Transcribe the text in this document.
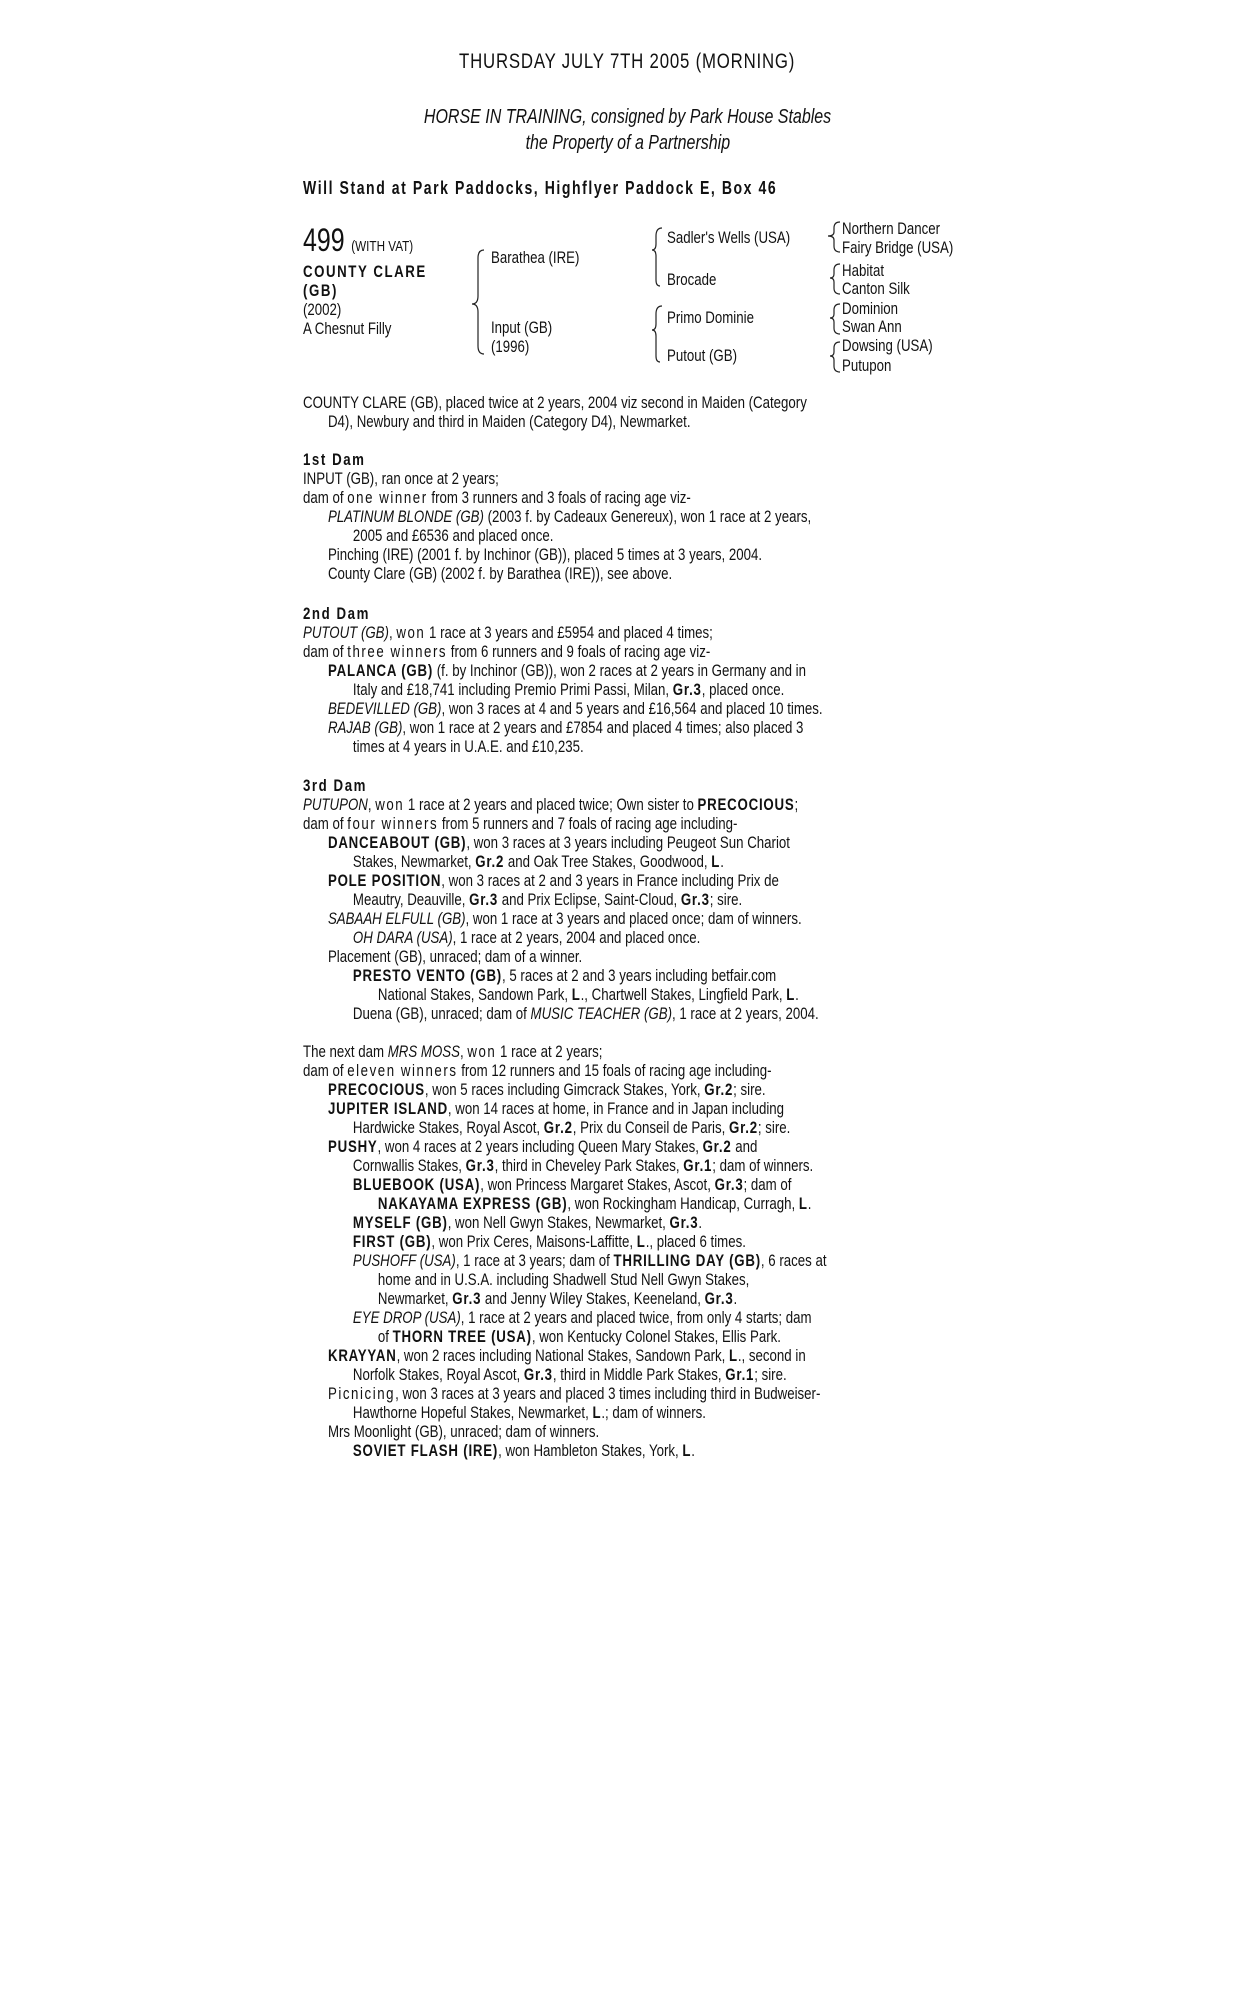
THURSDAY JULY 7TH 2005 (MORNING)
HORSE IN TRAINING, consigned by Park House Stables
the Property of a Partnership
Will Stand at Park Paddocks, Highflyer Paddock E, Box 46
499 (WITH VAT)
COUNTY CLARE
(GB)
(2002)
A Chesnut Filly
Barathea (IRE)
Input (GB)
(1996)
Sadler's Wells (USA)
Brocade
Primo Dominie
Putout (GB)
Northern Dancer
Fairy Bridge (USA)
Habitat
Canton Silk
Dominion
Swan Ann
Dowsing (USA)
Putupon

COUNTY CLARE (GB), placed twice at 2 years, 2004 viz second in Maiden (Category

D4), Newbury and third in Maiden (Category D4), Newmarket.

1st Dam

INPUT (GB), ran once at 2 years;

dam of one winner from 3 runners and 3 foals of racing age viz-

PLATINUM BLONDE (GB) (2003 f. by Cadeaux Genereux), won 1 race at 2 years,

2005 and £6536 and placed once.

Pinching (IRE) (2001 f. by Inchinor (GB)), placed 5 times at 3 years, 2004.

County Clare (GB) (2002 f. by Barathea (IRE)), see above.

2nd Dam

PUTOUT (GB), won 1 race at 3 years and £5954 and placed 4 times;

dam of three winners from 6 runners and 9 foals of racing age viz-

PALANCA (GB) (f. by Inchinor (GB)), won 2 races at 2 years in Germany and in

Italy and £18,741 including Premio Primi Passi, Milan, Gr.3, placed once.

BEDEVILLED (GB), won 3 races at 4 and 5 years and £16,564 and placed 10 times.

RAJAB (GB), won 1 race at 2 years and £7854 and placed 4 times; also placed 3

times at 4 years in U.A.E. and £10,235.

3rd Dam

PUTUPON, won 1 race at 2 years and placed twice; Own sister to PRECOCIOUS;

dam of four winners from 5 runners and 7 foals of racing age including-

DANCEABOUT (GB), won 3 races at 3 years including Peugeot Sun Chariot

Stakes, Newmarket, Gr.2 and Oak Tree Stakes, Goodwood, L.

POLE POSITION, won 3 races at 2 and 3 years in France including Prix de

Meautry, Deauville, Gr.3 and Prix Eclipse, Saint-Cloud, Gr.3; sire.

SABAAH ELFULL (GB), won 1 race at 3 years and placed once; dam of winners.

OH DARA (USA), 1 race at 2 years, 2004 and placed once.

Placement (GB), unraced; dam of a winner.

PRESTO VENTO (GB), 5 races at 2 and 3 years including betfair.com

National Stakes, Sandown Park, L., Chartwell Stakes, Lingfield Park, L.

Duena (GB), unraced; dam of MUSIC TEACHER (GB), 1 race at 2 years, 2004.

The next dam MRS MOSS, won 1 race at 2 years;

dam of eleven winners from 12 runners and 15 foals of racing age including-

PRECOCIOUS, won 5 races including Gimcrack Stakes, York, Gr.2; sire.

JUPITER ISLAND, won 14 races at home, in France and in Japan including

Hardwicke Stakes, Royal Ascot, Gr.2, Prix du Conseil de Paris, Gr.2; sire.

PUSHY, won 4 races at 2 years including Queen Mary Stakes, Gr.2 and

Cornwallis Stakes, Gr.3, third in Cheveley Park Stakes, Gr.1; dam of winners.

BLUEBOOK (USA), won Princess Margaret Stakes, Ascot, Gr.3; dam of

NAKAYAMA EXPRESS (GB), won Rockingham Handicap, Curragh, L.

MYSELF (GB), won Nell Gwyn Stakes, Newmarket, Gr.3.

FIRST (GB), won Prix Ceres, Maisons-Laffitte, L., placed 6 times.

PUSHOFF (USA), 1 race at 3 years; dam of THRILLING DAY (GB), 6 races at

home and in U.S.A. including Shadwell Stud Nell Gwyn Stakes,

Newmarket, Gr.3 and Jenny Wiley Stakes, Keeneland, Gr.3.

EYE DROP (USA), 1 race at 2 years and placed twice, from only 4 starts; dam

of THORN TREE (USA), won Kentucky Colonel Stakes, Ellis Park.

KRAYYAN, won 2 races including National Stakes, Sandown Park, L., second in

Norfolk Stakes, Royal Ascot, Gr.3, third in Middle Park Stakes, Gr.1; sire.

Picnicing, won 3 races at 3 years and placed 3 times including third in Budweiser-

Hawthorne Hopeful Stakes, Newmarket, L.; dam of winners.

Mrs Moonlight (GB), unraced; dam of winners.

SOVIET FLASH (IRE), won Hambleton Stakes, York, L.
